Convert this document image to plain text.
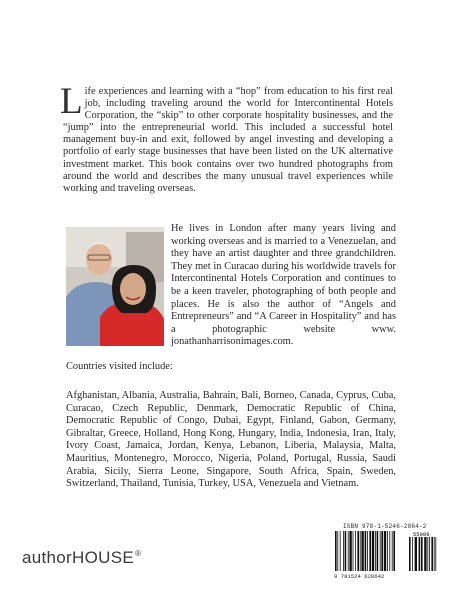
Life experiences and learning with a “hop” from education to his first real job, including traveling around the world for Intercontinental Hotels Corporation, the “skip” to other corporate hospitality businesses, and the “jump” into the entrepreneurial world. This included a successful hotel management buy-in and exit, followed by angel investing and developing a portfolio of early stage businesses that have been listed on the UK alternative investment market. This book contains over two hundred photographs from around the world and describes the many unusual travel experiences while working and traveling overseas.
He lives in London after many years living and working overseas and is married to a Venezuelan, and they have an artist daughter and three grandchildren. They met in Curacao during his worldwide travels for Intercontinental Hotels Corporation and continues to be a keen traveler, photographing of both people and places. He is also the author of “Angels and Entrepreneurs” and “A Career in Hospitality” and has a photographic website www. jonathanharrisonimages.com.
Countries visited include:
Afghanistan, Albania, Australia, Bahrain, Bali, Borneo, Canada, Cyprus, Cuba, Curacao, Czech Republic, Denmark, Democratic Republic of China, Democratic Republic of Congo, Dubai, Egypt, Finland, Gabon, Germany, Gibraltar, Greece, Holland, Hong Kong, Hungary, India, Indonesia, Iran, Italy, Ivory Coast, Jamaica, Jordan, Kenya, Lebanon, Liberia, Malaysia, Malta, Mauritius, Montenegro, Morocco, Nigeria, Poland, Portugal, Russia, Saudi Arabia, Sicily, Sierra Leone, Singapore, South Africa, Spain, Sweden, Switzerland, Thailand, Tunisia, Turkey, USA, Venezuela and Vietnam.
authorHOUSE®
ISBN 978-1-5246-2864-2
55099
9 781524 628642
